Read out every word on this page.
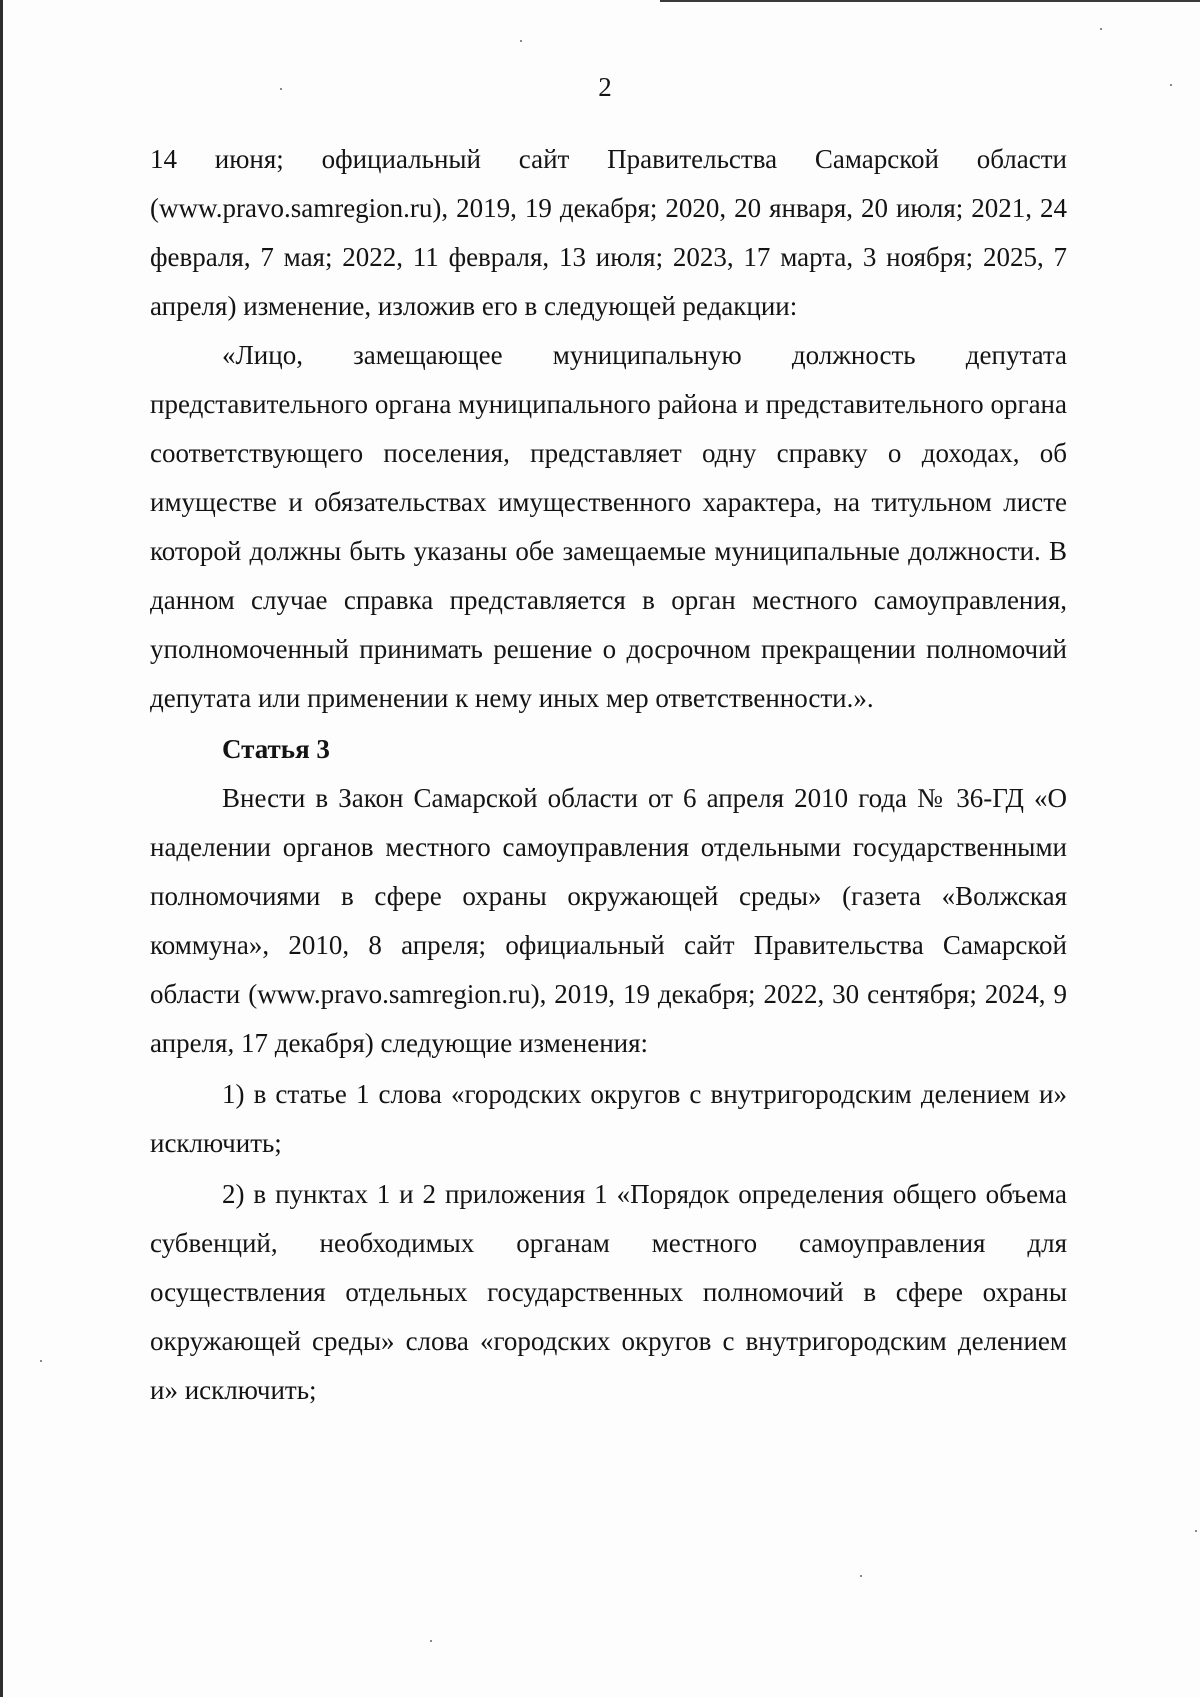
2

14 июня; официальный сайт Правительства Самарской области (www.pravo.samregion.ru), 2019, 19 декабря; 2020, 20 января, 20 июля; 2021, 24 февраля, 7 мая; 2022, 11 февраля, 13 июля; 2023, 17 марта, 3 ноября; 2025, 7 апреля) изменение, изложив его в следующей редакции:

«Лицо, замещающее муниципальную должность депутата представительного органа муниципального района и представительного органа соответствующего поселения, представляет одну справку о доходах, об имуществе и обязательствах имущественного характера, на титульном листе которой должны быть указаны обе замещаемые муниципальные должности. В данном случае справка представляется в орган местного самоуправления, уполномоченный принимать решение о досрочном прекращении полномочий депутата или применении к нему иных мер ответственности.».

Статья 3

Внести в Закон Самарской области от 6 апреля 2010 года № 36-ГД «О наделении органов местного самоуправления отдельными государственными полномочиями в сфере охраны окружающей среды» (газета «Волжская коммуна», 2010, 8 апреля; официальный сайт Правительства Самарской области (www.pravo.samregion.ru), 2019, 19 декабря; 2022, 30 сентября; 2024, 9 апреля, 17 декабря) следующие изменения:

1) в статье 1 слова «городских округов с внутригородским делением и» исключить;

2) в пунктах 1 и 2 приложения 1 «Порядок определения общего объема субвенций, необходимых органам местного самоуправления для осуществления отдельных государственных полномочий в сфере охраны окружающей среды» слова «городских округов с внутригородским делением и» исключить;
